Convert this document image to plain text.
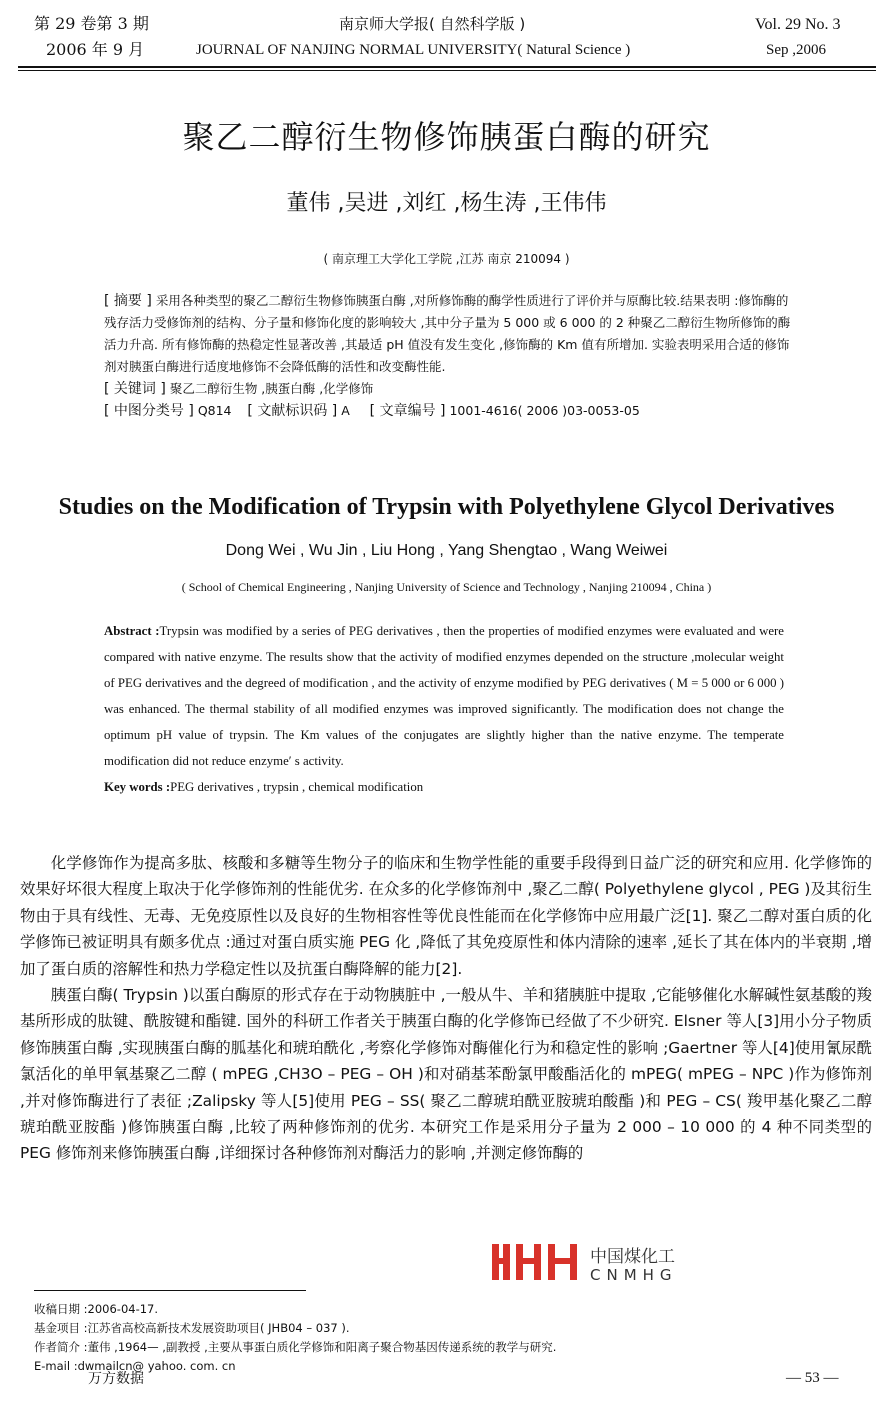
第 29 卷第 3 期
2006 年 9 月
南京师大学报( 自然科学版 )
JOURNAL OF NANJING NORMAL UNIVERSITY( Natural Science )
Vol. 29 No. 3
Sep ,2006
聚乙二醇衍生物修饰胰蛋白酶的研究
董伟 ,吴进 ,刘红 ,杨生涛 ,王伟伟
( 南京理工大学化工学院 ,江苏 南京 210094 )
[ 摘要 ] 采用各种类型的聚乙二醇衍生物修饰胰蛋白酶 ,对所修饰酶的酶学性质进行了评价并与原酶比较.结果表明 :修饰酶的残存活力受修饰剂的结构、分子量和修饰化度的影响较大 ,其中分子量为 5 000 或 6 000 的 2 种聚乙二醇衍生物所修饰的酶活力升高. 所有修饰酶的热稳定性显著改善 ,其最适 pH 值没有发生变化 ,修饰酶的 Km 值有所增加. 实验表明采用合适的修饰剂对胰蛋白酶进行适度地修饰不会降低酶的活性和改变酶性能.
[ 关键词 ] 聚乙二醇衍生物 ,胰蛋白酶 ,化学修饰
[ 中图分类号 ] Q814 [ 文献标识码 ] A [ 文章编号 ] 1001-4616( 2006 )03-0053-05
Studies on the Modification of Trypsin with Polyethylene Glycol Derivatives
Dong Wei , Wu Jin , Liu Hong , Yang Shengtao , Wang Weiwei
( School of Chemical Engineering , Nanjing University of Science and Technology , Nanjing 210094 , China )
Abstract :Trypsin was modified by a series of PEG derivatives , then the properties of modified enzymes were evaluated and were compared with native enzyme. The results show that the activity of modified enzymes depended on the structure ,molecular weight of PEG derivatives and the degreed of modification , and the activity of enzyme modified by PEG derivatives ( M = 5 000 or 6 000 ) was enhanced. The thermal stability of all modified enzymes was improved significantly. The modification does not change the optimum pH value of trypsin. The Km values of the conjugates are slightly higher than the native enzyme. The temperate modification did not reduce enzyme′ s activity.
Key words :PEG derivatives , trypsin , chemical modification

化学修饰作为提高多肽、核酸和多糖等生物分子的临床和生物学性能的重要手段得到日益广泛的研究和应用. 化学修饰的效果好坏很大程度上取决于化学修饰剂的性能优劣. 在众多的化学修饰剂中 ,聚乙二醇( Polyethylene glycol , PEG )及其衍生物由于具有线性、无毒、无免疫原性以及良好的生物相容性等优良性能而在化学修饰中应用最广泛[1]. 聚乙二醇对蛋白质的化学修饰已被证明具有颇多优点 :通过对蛋白质实施 PEG 化 ,降低了其免疫原性和体内清除的速率 ,延长了其在体内的半衰期 ,增加了蛋白质的溶解性和热力学稳定性以及抗蛋白酶降解的能力[2].

胰蛋白酶( Trypsin )以蛋白酶原的形式存在于动物胰脏中 ,一般从牛、羊和猪胰脏中提取 ,它能够催化水解碱性氨基酸的羧基所形成的肽键、酰胺键和酯键. 国外的科研工作者关于胰蛋白酶的化学修饰已经做了不少研究. Elsner 等人[3]用小分子物质修饰胰蛋白酶 ,实现胰蛋白酶的胍基化和琥珀酰化 ,考察化学修饰对酶催化行为和稳定性的影响 ;Gaertner 等人[4]使用氰尿酰氯活化的单甲氧基聚乙二醇 ( mPEG ,CH3O – PEG – OH )和对硝基苯酚氯甲酸酯活化的 mPEG( mPEG – NPC )作为修饰剂 ,并对修饰酶进行了表征 ;Zalipsky 等人[5]使用 PEG – SS( 聚乙二醇琥珀酰亚胺琥珀酸酯 )和 PEG – CS( 羧甲基化聚乙二醇琥珀酰亚胺酯 )修饰胰蛋白酶 ,比较了两种修饰剂的优劣. 本研究工作是采用分子量为 2 000 – 10 000 的 4 种不同类型的 PEG 修饰剂来修饰胰蛋白酶 ,详细探讨各种修饰剂对酶活力的影响 ,并测定修饰酶的

中国煤化工
CNMHG
收稿日期 :2006-04-17.
基金项目 :江苏省高校高新技术发展资助项目( JHB04 – 037 ).
作者简介 :董伟 ,1964— ,副教授 ,主要从事蛋白质化学修饰和阳离子聚合物基因传递系统的教学与研究.
E-mail :dwmailcn@ yahoo. com. cn
万方数据	— 53 —
